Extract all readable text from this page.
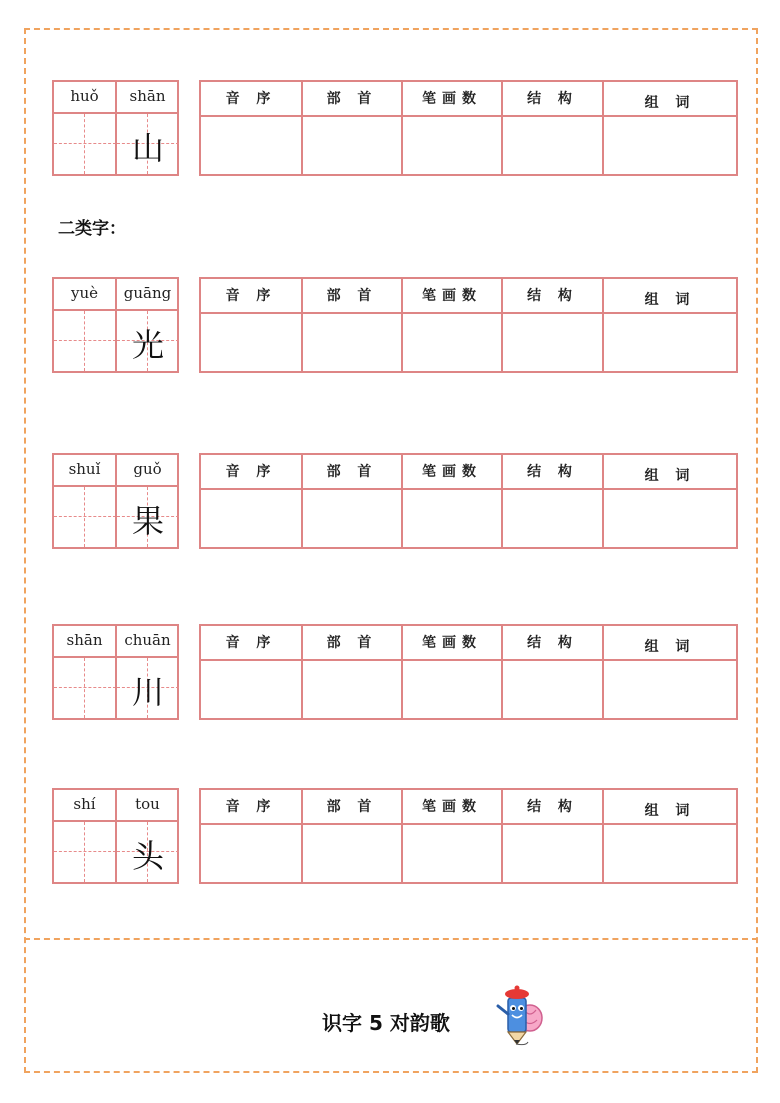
二类字：
huǒ	shān
山
音 序	部 首	笔画数	结 构	组 词
yuè	guāng
光
音 序	部 首	笔画数	结 构	组 词
shuǐ	guǒ
果
音 序	部 首	笔画数	结 构	组 词
shān	chuān
川
音 序	部 首	笔画数	结 构	组 词
shí	tou
头
音 序	部 首	笔画数	结 构	组 词
识字 5 对韵歌
